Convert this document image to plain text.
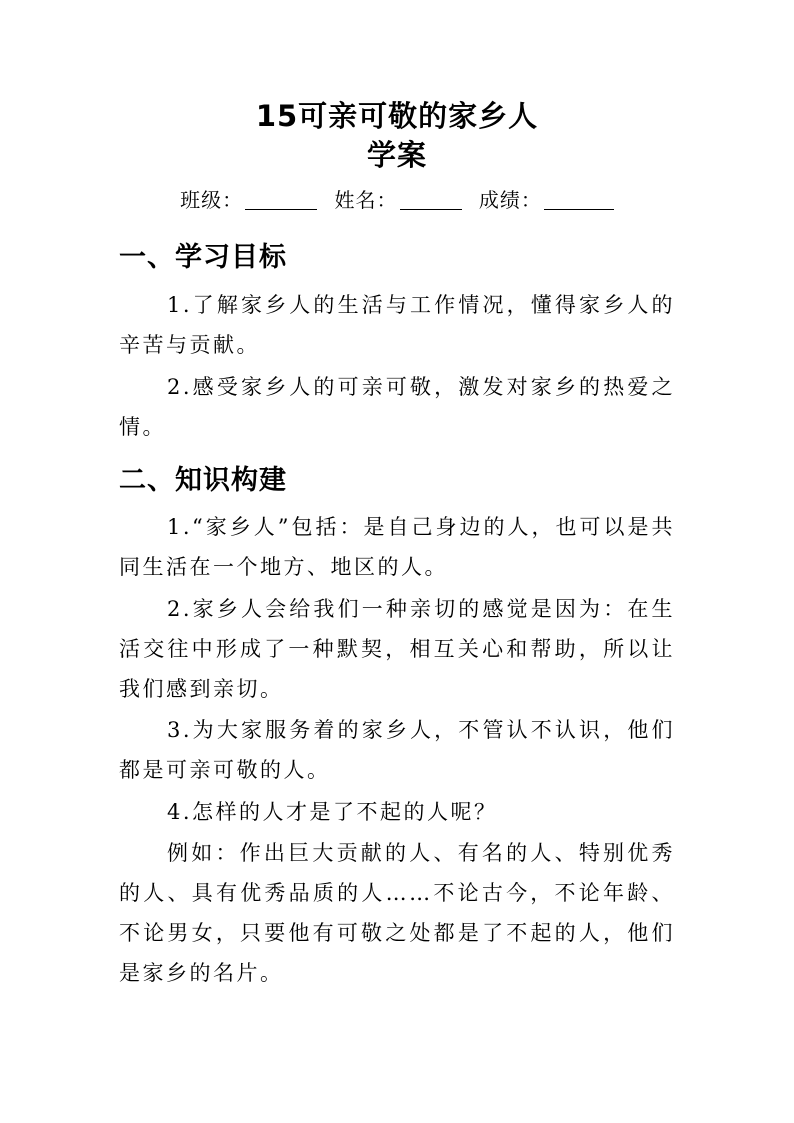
15可亲可敬的家乡人
学案
班级：	姓名：	成绩：
一、学习目标

1.了解家乡人的生活与工作情况，懂得家乡人的辛苦与贡献。

2.感受家乡人的可亲可敬，激发对家乡的热爱之情。

二、知识构建

1.“家乡人”包括：是自己身边的人，也可以是共同生活在一个地方、地区的人。

2.家乡人会给我们一种亲切的感觉是因为：在生活交往中形成了一种默契，相互关心和帮助，所以让我们感到亲切。

3.为大家服务着的家乡人，不管认不认识，他们都是可亲可敬的人。

4.怎样的人才是了不起的人呢？

例如：作出巨大贡献的人、有名的人、特别优秀的人、具有优秀品质的人……不论古今，不论年龄、不论男女，只要他有可敬之处都是了不起的人，他们是家乡的名片。
